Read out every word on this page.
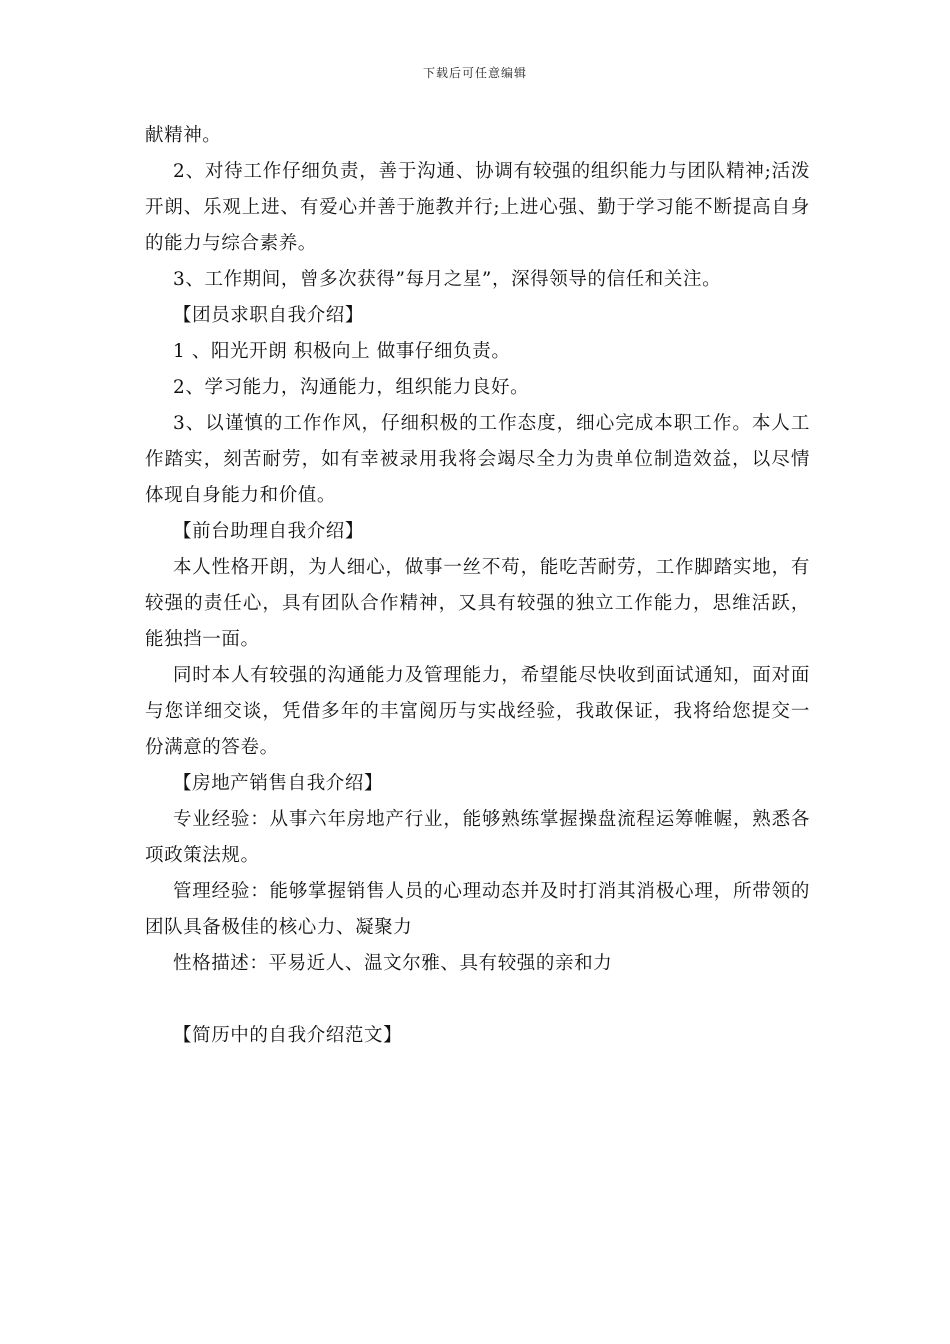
下载后可任意编辑
献精神。
2、对待工作仔细负责，善于沟通、协调有较强的组织能力与团队精神;活泼
开朗、乐观上进、有爱心并善于施教并行;上进心强、勤于学习能不断提高自身
的能力与综合素养。
3、工作期间，曾多次获得”每月之星”，深得领导的信任和关注。
【团员求职自我介绍】
1 、阳光开朗 积极向上 做事仔细负责。
2、学习能力，沟通能力，组织能力良好。
3、以谨慎的工作作风，仔细积极的工作态度，细心完成本职工作。本人工
作踏实，刻苦耐劳，如有幸被录用我将会竭尽全力为贵单位制造效益，以尽情
体现自身能力和价值。
【前台助理自我介绍】
本人性格开朗，为人细心，做事一丝不苟，能吃苦耐劳，工作脚踏实地，有
较强的责任心，具有团队合作精神，又具有较强的独立工作能力，思维活跃，
能独挡一面。
同时本人有较强的沟通能力及管理能力，希望能尽快收到面试通知，面对面
与您详细交谈，凭借多年的丰富阅历与实战经验，我敢保证，我将给您提交一
份满意的答卷。
【房地产销售自我介绍】
专业经验：从事六年房地产行业，能够熟练掌握操盘流程运筹帷幄，熟悉各
项政策法规。
管理经验：能够掌握销售人员的心理动态并及时打消其消极心理，所带领的
团队具备极佳的核心力、凝聚力
性格描述：平易近人、温文尔雅、具有较强的亲和力
【简历中的自我介绍范文】
